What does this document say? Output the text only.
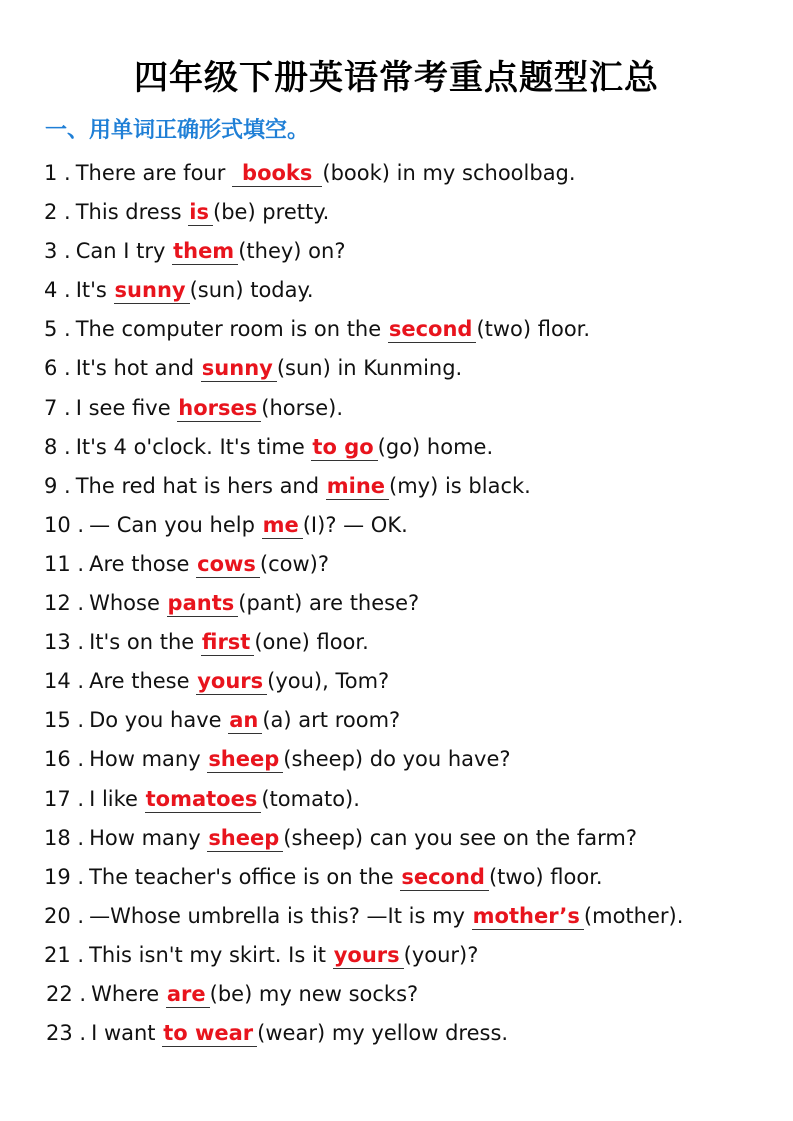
四年级下册英语常考重点题型汇总
一、用单词正确形式填空。
1 . There are four books (book) in my schoolbag.
2 . This dress is (be) pretty.
3 . Can I try them (they) on?
4 . It's sunny (sun) today.
5 . The computer room is on the second (two) floor.
6 . It's hot and sunny (sun) in Kunming.
7 . I see five horses (horse).
8 . It's 4 o'clock. It's time to go (go) home.
9 . The red hat is hers and mine (my) is black.
10 . — Can you help me (I)? — OK.
11 . Are those cows (cow)?
12 . Whose pants (pant) are these?
13 . It's on the first (one) floor.
14 . Are these yours (you), Tom?
15 . Do you have an (a) art room?
16 . How many sheep (sheep) do you have?
17 . I like tomatoes (tomato).
18 . How many sheep (sheep) can you see on the farm?
19 . The teacher's office is on the second (two) floor.
20 . —Whose umbrella is this? —It is my mother’s (mother).
21 . This isn't my skirt. Is it yours (your)?
22 . Where are (be) my new socks?
23 . I want to wear (wear) my yellow dress.
